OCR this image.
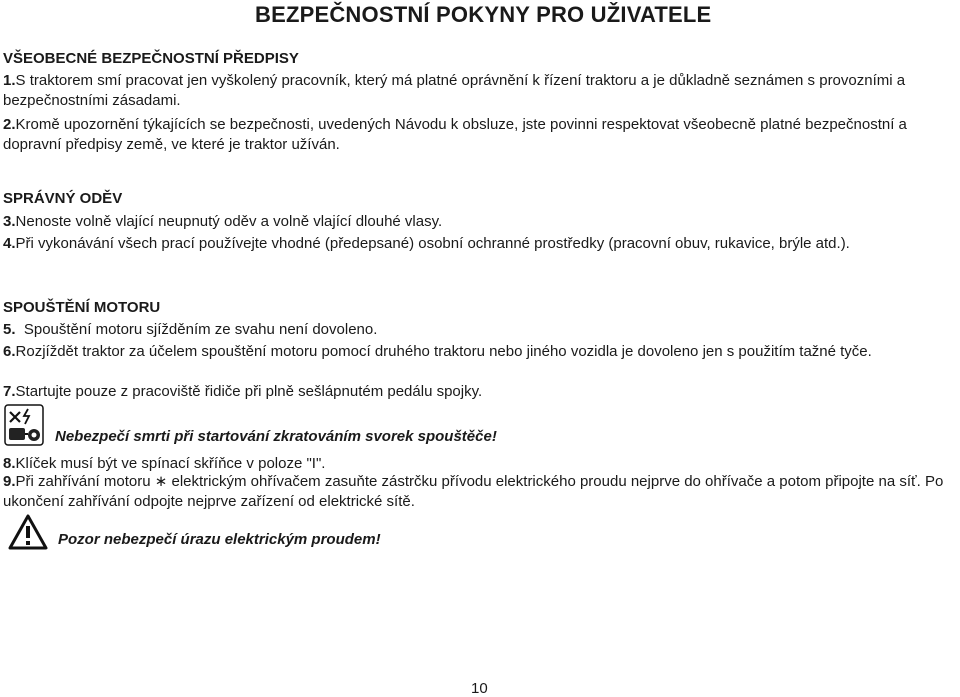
BEZPEČNOSTNÍ POKYNY PRO UŽIVATELE
VŠEOBECNÉ BEZPEČNOSTNÍ PŘEDPISY
1.S traktorem smí pracovat jen vyškolený pracovník, který má platné oprávnění k řízení traktoru a je důkladně seznámen s provozními a bezpečnostními zásadami.
2.Kromě upozornění týkajících se bezpečnosti, uvedených Návodu k obsluze, jste povinni respektovat všeobecně platné bezpečnostní a dopravní předpisy země, ve které je traktor užíván.
SPRÁVNÝ ODĚV
3.Nenoste volně vlající neupnutý oděv a volně vlající dlouhé vlasy.
4.Při vykonávání všech prací používejte vhodné (předepsané) osobní ochranné prostředky (pracovní obuv, rukavice, brýle atd.).
SPOUŠTĚNÍ MOTORU
5.  Spouštění motoru sjížděním ze svahu není dovoleno.
6.Rozjíždět traktor za účelem spouštění motoru pomocí druhého traktoru nebo jiného vozidla je dovoleno jen s použitím tažné tyče.
7.Startujte pouze z pracoviště řidiče při plně sešlápnutém pedálu spojky.
Nebezpečí smrti při startování zkratováním svorek spouštěče!
8.Klíček musí být ve spínací skříňce v poloze "I".
9.Při zahřívání motoru ∗ elektrickým ohřívačem zasuňte zástrčku přívodu elektrického proudu nejprve do ohřívače a potom připojte na síť. Po ukončení zahřívání odpojte nejprve zařízení od elektrické sítě.
Pozor nebezpečí úrazu elektrickým proudem!
10
